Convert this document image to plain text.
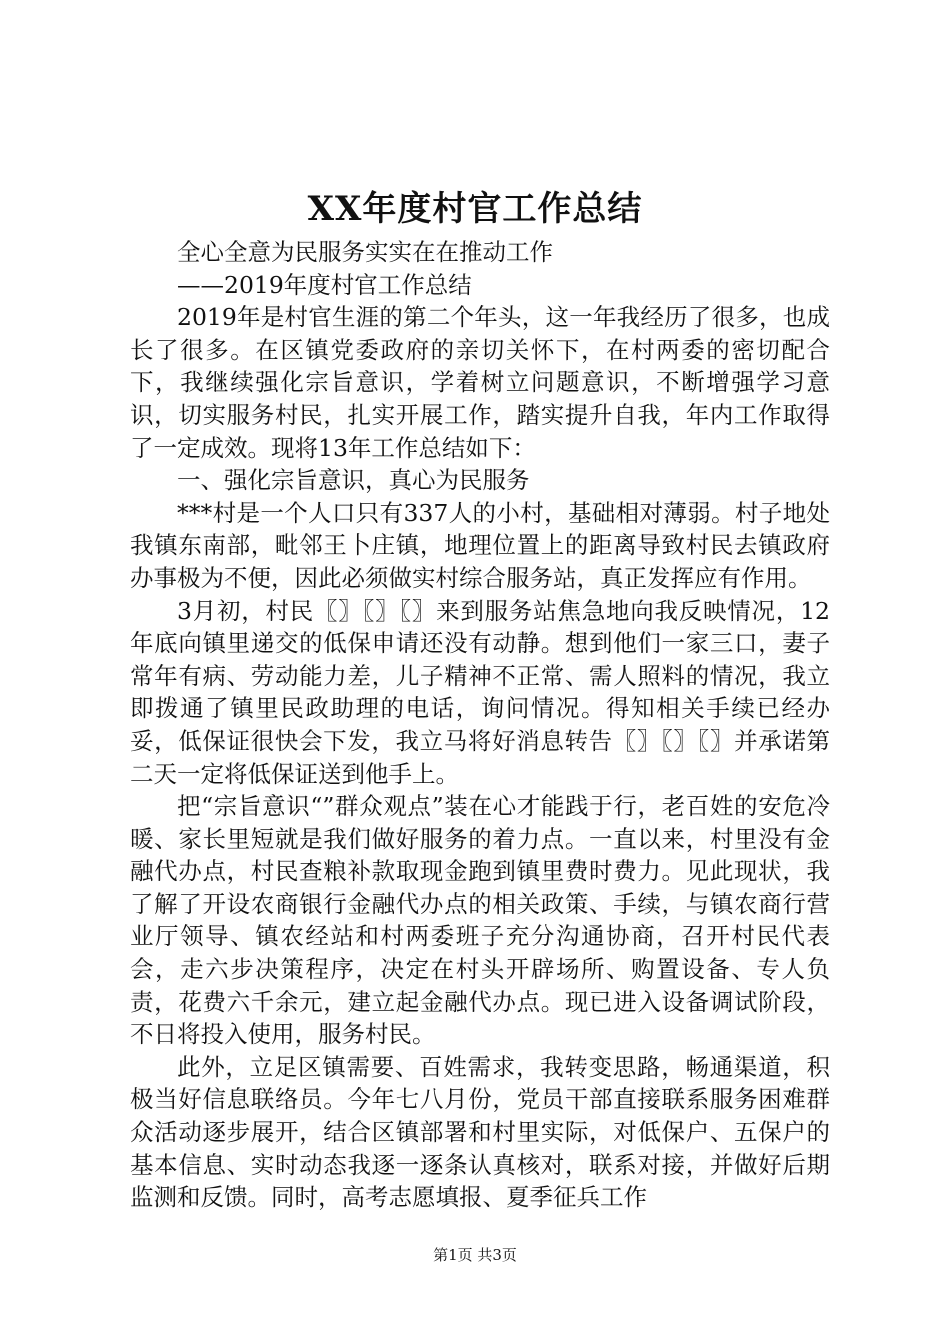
XX年度村官工作总结

全心全意为民服务实实在在推动工作

——2019年度村官工作总结

2019年是村官生涯的第二个年头，这一年我经历了很多，也成长了很多。在区镇党委政府的亲切关怀下，在村两委的密切配合下，我继续强化宗旨意识，学着树立问题意识，不断增强学习意识，切实服务村民，扎实开展工作，踏实提升自我，年内工作取得了一定成效。现将13年工作总结如下：

一、强化宗旨意识，真心为民服务

***村是一个人口只有337人的小村，基础相对薄弱。村子地处我镇东南部，毗邻王卜庄镇，地理位置上的距离导致村民去镇政府办事极为不便，因此必须做实村综合服务站，真正发挥应有作用。

3月初，村民〖〗〖〗〖〗来到服务站焦急地向我反映情况，12年底向镇里递交的低保申请还没有动静。想到他们一家三口，妻子常年有病、劳动能力差，儿子精神不正常、需人照料的情况，我立即拨通了镇里民政助理的电话，询问情况。得知相关手续已经办妥，低保证很快会下发，我立马将好消息转告〖〗〖〗〖〗并承诺第二天一定将低保证送到他手上。

把“宗旨意识“”群众观点”装在心才能践于行，老百姓的安危冷暖、家长里短就是我们做好服务的着力点。一直以来，村里没有金融代办点，村民查粮补款取现金跑到镇里费时费力。见此现状，我了解了开设农商银行金融代办点的相关政策、手续，与镇农商行营业厅领导、镇农经站和村两委班子充分沟通协商，召开村民代表会，走六步决策程序，决定在村头开辟场所、购置设备、专人负责，花费六千余元，建立起金融代办点。现已进入设备调试阶段，不日将投入使用，服务村民。

此外，立足区镇需要、百姓需求，我转变思路，畅通渠道，积极当好信息联络员。今年七八月份，党员干部直接联系服务困难群众活动逐步展开，结合区镇部署和村里实际，对低保户、五保户的基本信息、实时动态我逐一逐条认真核对，联系对接，并做好后期监测和反馈。同时，高考志愿填报、夏季征兵工作

第1页 共3页
